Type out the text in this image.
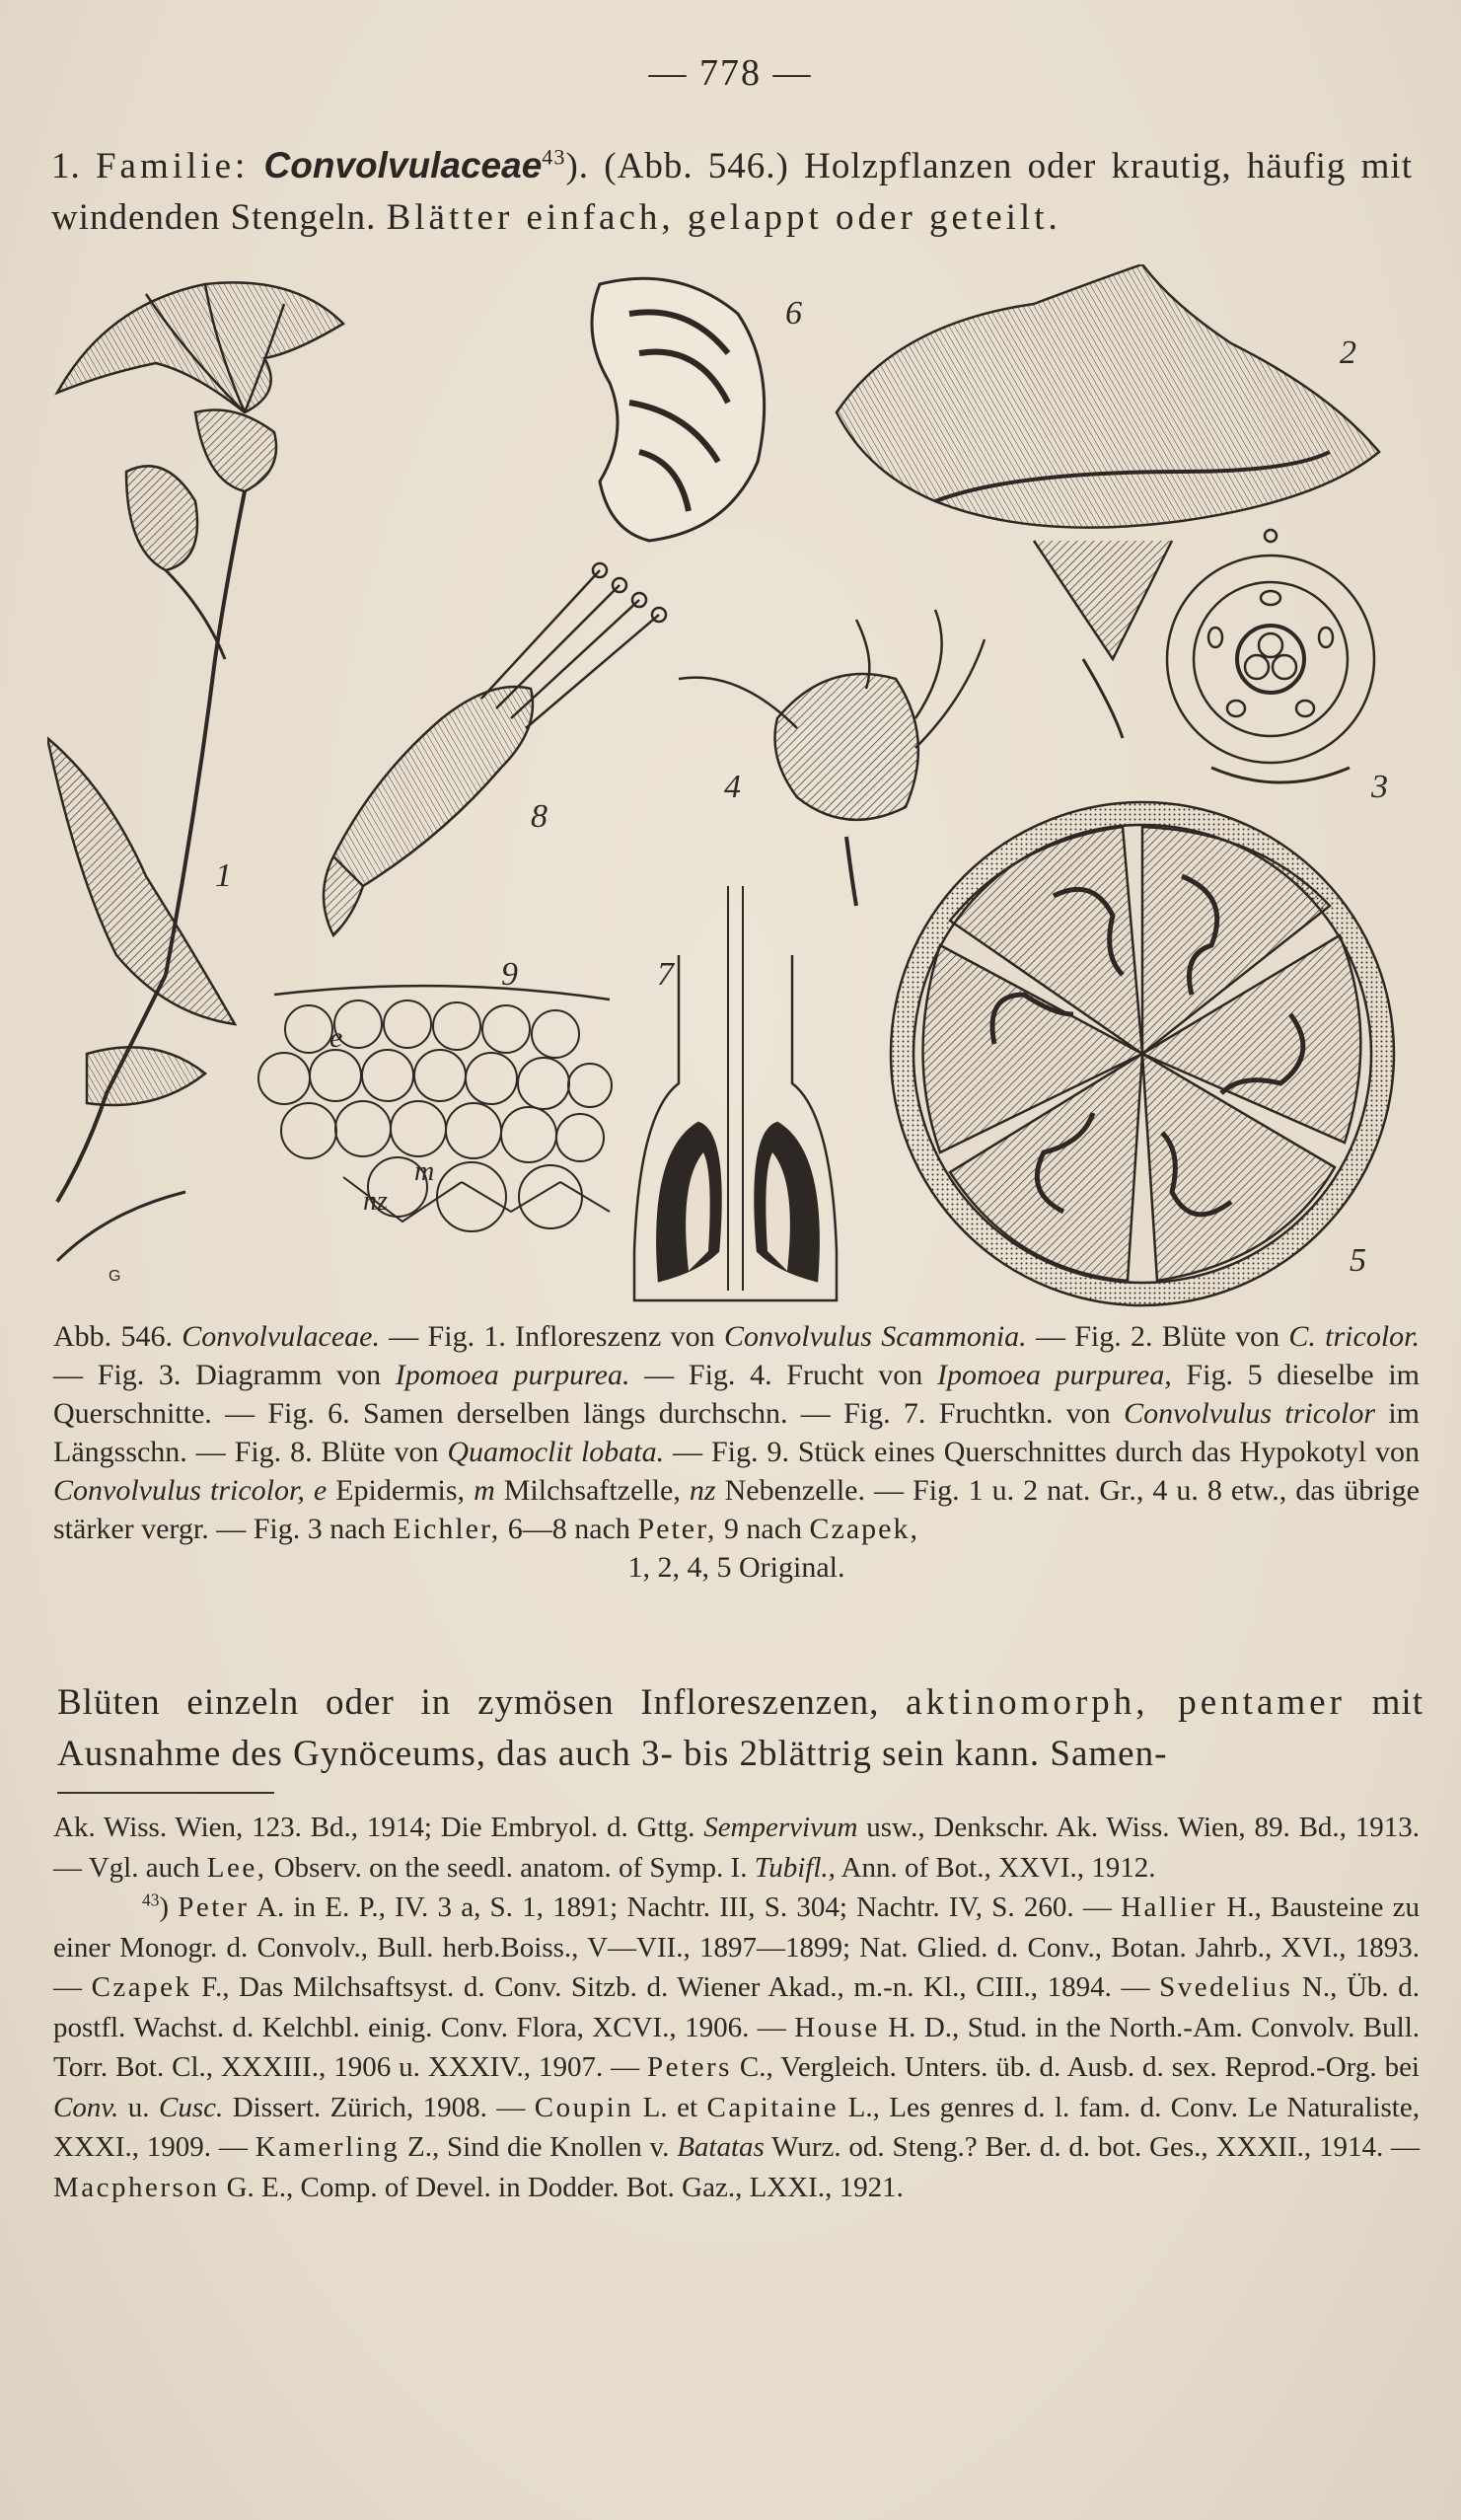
— 778 —
1. Familie: Convolvulaceae$^{43}$). (Abb. 546.) Holzpflanzen oder krautig, häufig mit windenden Stengeln. Blätter einfach, gelappt oder geteilt.
1
G
6
2
3
8
4
9
e
m
nz
7
5
Abb. 546. Convolvulaceae. — Fig. 1. Infloreszenz von Convolvulus Scammonia. — Fig. 2. Blüte von C. tricolor. — Fig. 3. Diagramm von Ipomoea purpurea. — Fig. 4. Frucht von Ipomoea purpurea, Fig. 5 dieselbe im Querschnitte. — Fig. 6. Samen derselben längs durchschn. — Fig. 7. Fruchtkn. von Convolvulus tricolor im Längsschn. — Fig. 8. Blüte von Quamoclit lobata. — Fig. 9. Stück eines Querschnittes durch das Hypokotyl von Convolvulus tricolor, e Epidermis, m Milchsaftzelle, nz Nebenzelle. — Fig. 1 u. 2 nat. Gr., 4 u. 8 etw., das übrige stärker vergr. — Fig. 3 nach Eichler, 6—8 nach Peter, 9 nach Czapek,
1, 2, 4, 5 Original.
Blüten einzeln oder in zymösen Infloreszenzen, aktinomorph, pentamer mit Ausnahme des Gynöceums, das auch 3- bis 2blättrig sein kann. Samen-

Ak. Wiss. Wien, 123. Bd., 1914; Die Embryol. d. Gttg. Sempervivum usw., Denkschr. Ak. Wiss. Wien, 89. Bd., 1913. — Vgl. auch Lee, Observ. on the seedl. anatom. of Symp. I. Tubifl., Ann. of Bot., XXVI., 1912.

$^{43}$) Peter A. in E. P., IV. 3 a, S. 1, 1891; Nachtr. III, S. 304; Nachtr. IV, S. 260. — Hallier H., Bausteine zu einer Monogr. d. Convolv., Bull. herb.Boiss., V—VII., 1897—1899; Nat. Glied. d. Conv., Botan. Jahrb., XVI., 1893. — Czapek F., Das Milchsaftsyst. d. Conv. Sitzb. d. Wiener Akad., m.-n. Kl., CIII., 1894. — Svedelius N., Üb. d. postfl. Wachst. d. Kelchbl. einig. Conv. Flora, XCVI., 1906. — House H. D., Stud. in the North.-Am. Convolv. Bull. Torr. Bot. Cl., XXXIII., 1906 u. XXXIV., 1907. — Peters C., Vergleich. Unters. üb. d. Ausb. d. sex. Reprod.-Org. bei Conv. u. Cusc. Dissert. Zürich, 1908. — Coupin L. et Capitaine L., Les genres d. l. fam. d. Conv. Le Naturaliste, XXXI., 1909. — Kamerling Z., Sind die Knollen v. Batatas Wurz. od. Steng.? Ber. d. d. bot. Ges., XXXII., 1914. — Macpherson G. E., Comp. of Devel. in Dodder. Bot. Gaz., LXXI., 1921.
